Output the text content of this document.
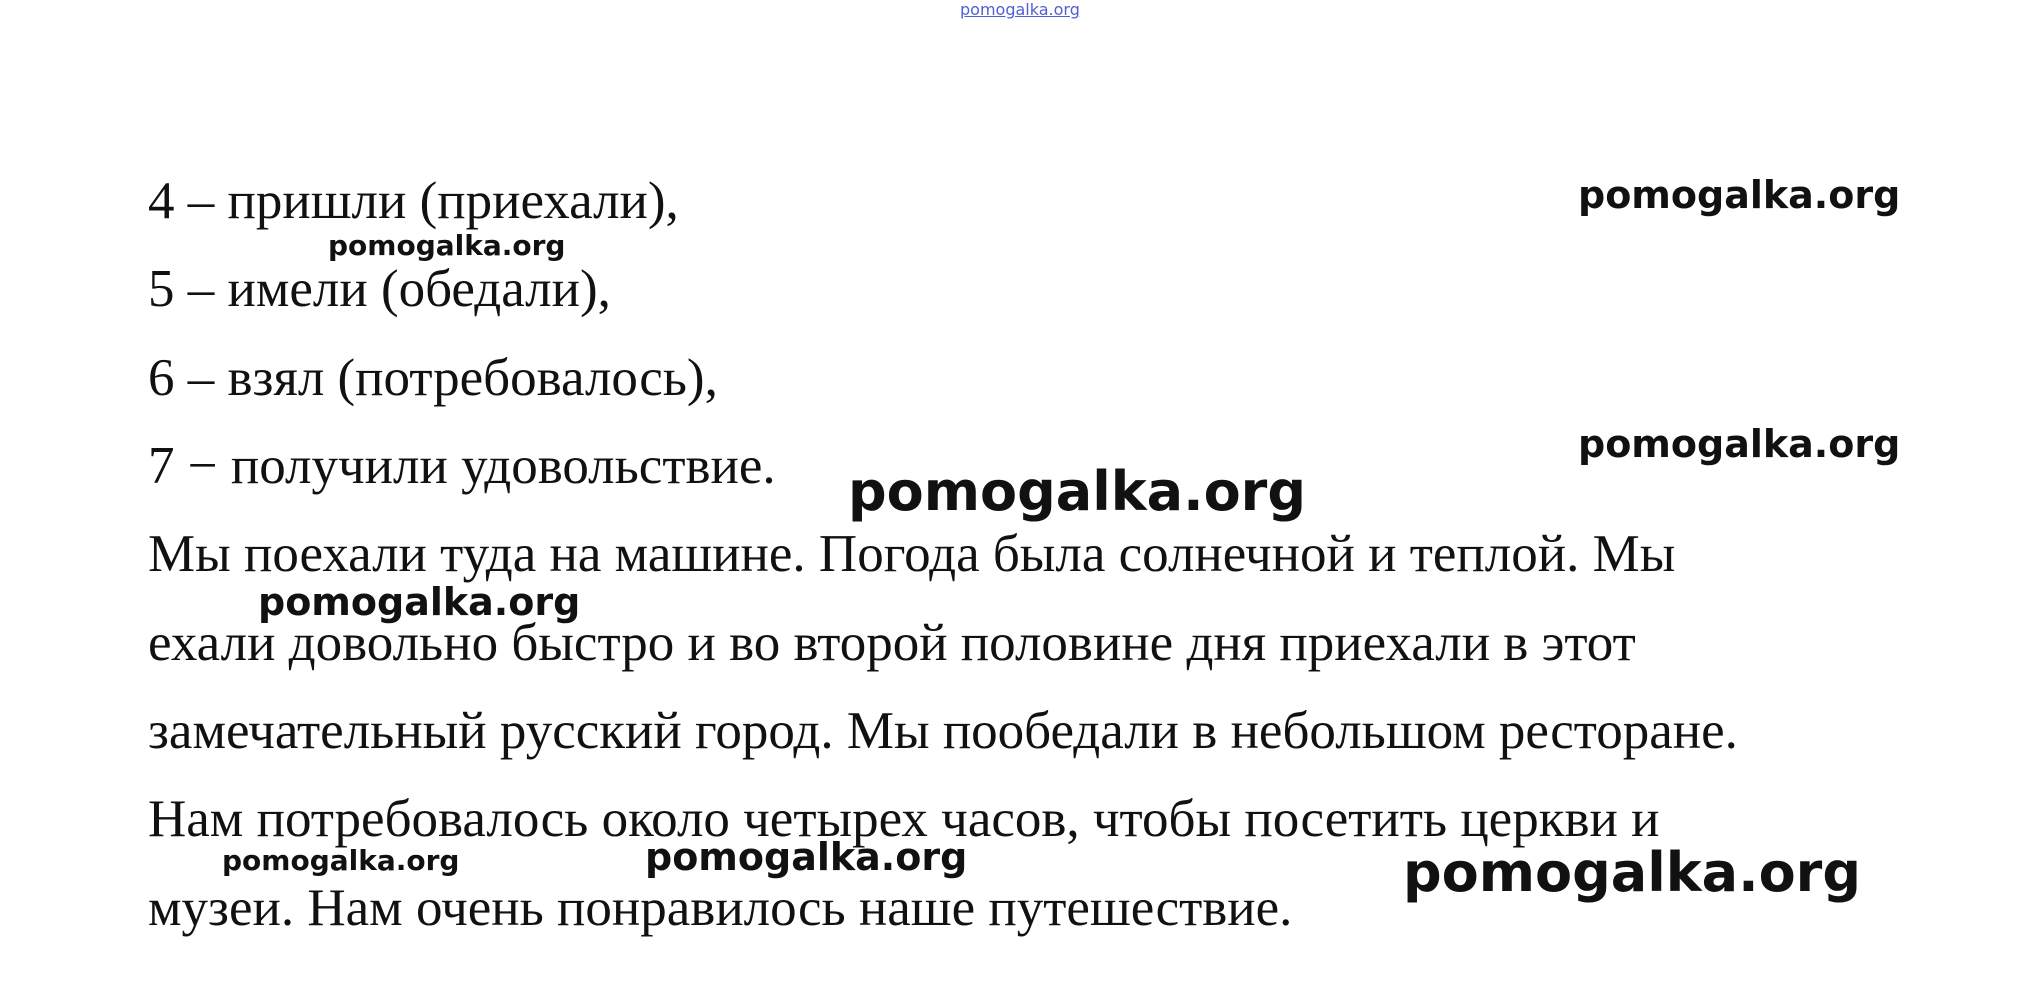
pomogalka.org
4 – пришли (приехали),
5 – имели (обедали),
6 – взял (потребовалось),
7 − получили удовольствие.
Мы поехали туда на машине. Погода была солнечной и теплой. Мы
ехали довольно быстро и во второй половине дня приехали в этот
замечательный русский город. Мы пообедали в небольшом ресторане.
Нам потребовалось около четырех часов, чтобы посетить церкви и
музеи. Нам очень понравилось наше путешествие.
pomogalka.org
pomogalka.org
pomogalka.org
pomogalka.org
pomogalka.org
pomogalka.org
pomogalka.org	pomogalka.org
